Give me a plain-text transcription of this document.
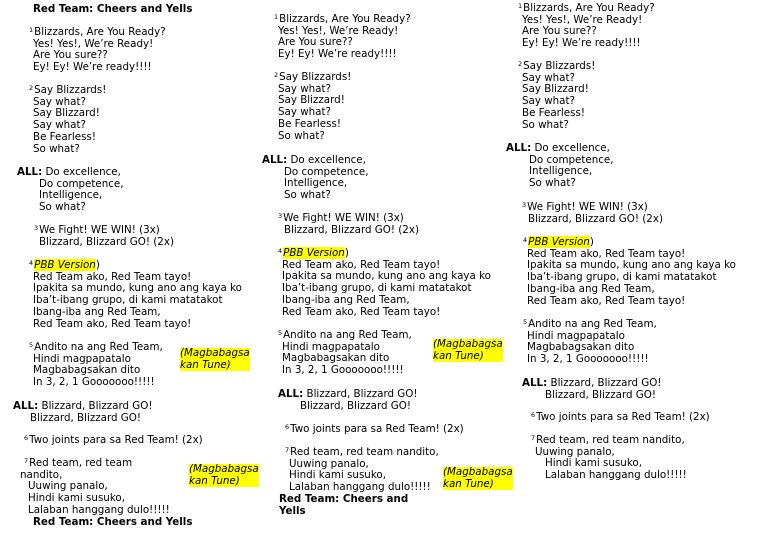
Red Team: Cheers and Yells
$^1$Blizzards, Are You Ready?
Yes! Yes!, We’re Ready!
Are You sure??
Ey! Ey! We’re ready!!!!
$^2$Say Blizzards!
Say what?
Say Blizzard!
Say what?
Be Fearless!
So what?
ALL: Do excellence,
Do competence,
Intelligence,
So what?
$^3$We Fight! WE WIN! (3x)
Blizzard, Blizzard GO! (2x)
$^4$PBB Version)
Red Team ako, Red Team tayo!
Ipakita sa mundo, kung ano ang kaya ko
Iba’t-ibang grupo, di kami matatakot
Ibang-iba ang Red Team,
Red Team ako, Red Team tayo!
$^5$Andito na ang Red Team,
Hindi magpapatalo
Magbabagsakan dito
In 3, 2, 1 Gooooooo!!!!!
(Magbabagsa
kan Tune)
ALL: Blizzard, Blizzard GO!
Blizzard, Blizzard GO!
$^6$Two joints para sa Red Team! (2x)
$^7$Red team, red team
nandito,
Uuwing panalo,
Hindi kami susuko,
Lalaban hanggang dulo!!!!!
(Magbabagsa
kan Tune)
Red Team: Cheers and Yells
$^1$Blizzards, Are You Ready?
Yes! Yes!, We’re Ready!
Are You sure??
Ey! Ey! We’re ready!!!!
$^2$Say Blizzards!
Say what?
Say Blizzard!
Say what?
Be Fearless!
So what?
ALL: Do excellence,
Do competence,
Intelligence,
So what?
$^3$We Fight! WE WIN! (3x)
Blizzard, Blizzard GO! (2x)
$^4$PBB Version)
Red Team ako, Red Team tayo!
Ipakita sa mundo, kung ano ang kaya ko
Iba’t-ibang grupo, di kami matatakot
Ibang-iba ang Red Team,
Red Team ako, Red Team tayo!
$^5$Andito na ang Red Team,
Hindi magpapatalo
Magbabagsakan dito
In 3, 2, 1 Gooooooo!!!!!
(Magbabagsa
kan Tune)
ALL: Blizzard, Blizzard GO!
Blizzard, Blizzard GO!
$^6$Two joints para sa Red Team! (2x)
$^7$Red team, red team nandito,
Uuwing panalo,
Hindi kami susuko,
Lalaban hanggang dulo!!!!!
(Magbabagsa
kan Tune)
Red Team: Cheers and
Yells
$^1$Blizzards, Are You Ready?
Yes! Yes!, We’re Ready!
Are You sure??
Ey! Ey! We’re ready!!!!
$^2$Say Blizzards!
Say what?
Say Blizzard!
Say what?
Be Fearless!
So what?
ALL: Do excellence,
Do competence,
Intelligence,
So what?
$^3$We Fight! WE WIN! (3x)
Blizzard, Blizzard GO! (2x)
$^4$PBB Version)
Red Team ako, Red Team tayo!
Ipakita sa mundo, kung ano ang kaya ko
Iba’t-ibang grupo, di kami matatakot
Ibang-iba ang Red Team,
Red Team ako, Red Team tayo!
$^5$Andito na ang Red Team,
Hindi magpapatalo
Magbabagsakan dito
In 3, 2, 1 Gooooooo!!!!!
ALL: Blizzard, Blizzard GO!
Blizzard, Blizzard GO!
$^6$Two joints para sa Red Team! (2x)
$^7$Red team, red team nandito,
Uuwing panalo,
Hindi kami susuko,
Lalaban hanggang dulo!!!!!
